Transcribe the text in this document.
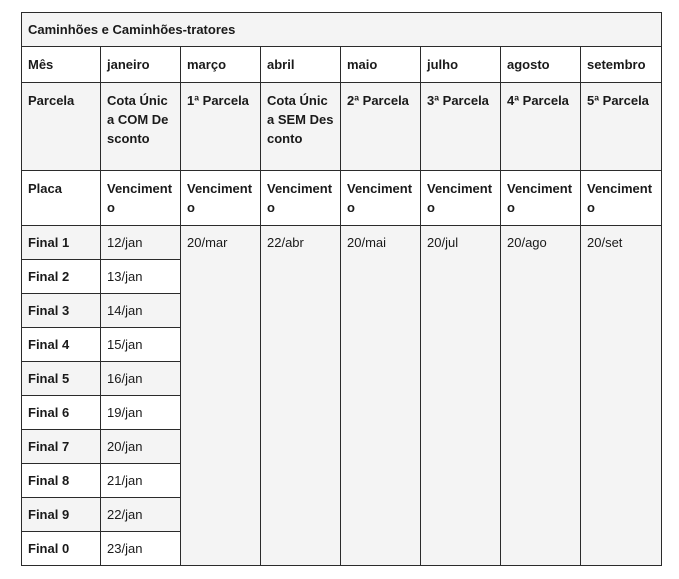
Caminhões e Caminhões-tratores							
Mês	janeiro	março	abril	maio	julho	agosto	setembro
Parcela	Cota Única COM Desconto	1ª Parcela	Cota Única SEM Desconto	2ª Parcela	3ª Parcela	4ª Parcela	5ª Parcela
Placa	Vencimento	Vencimento	Vencimento	Vencimento	Vencimento	Vencimento	Vencimento
Final 1	12/jan	20/mar	22/abr	20/mai	20/jul	20/ago	20/set
Final 2	13/jan						
Final 3	14/jan						
Final 4	15/jan						
Final 5	16/jan						
Final 6	19/jan						
Final 7	20/jan						
Final 8	21/jan						
Final 9	22/jan						
Final 0	23/jan						
